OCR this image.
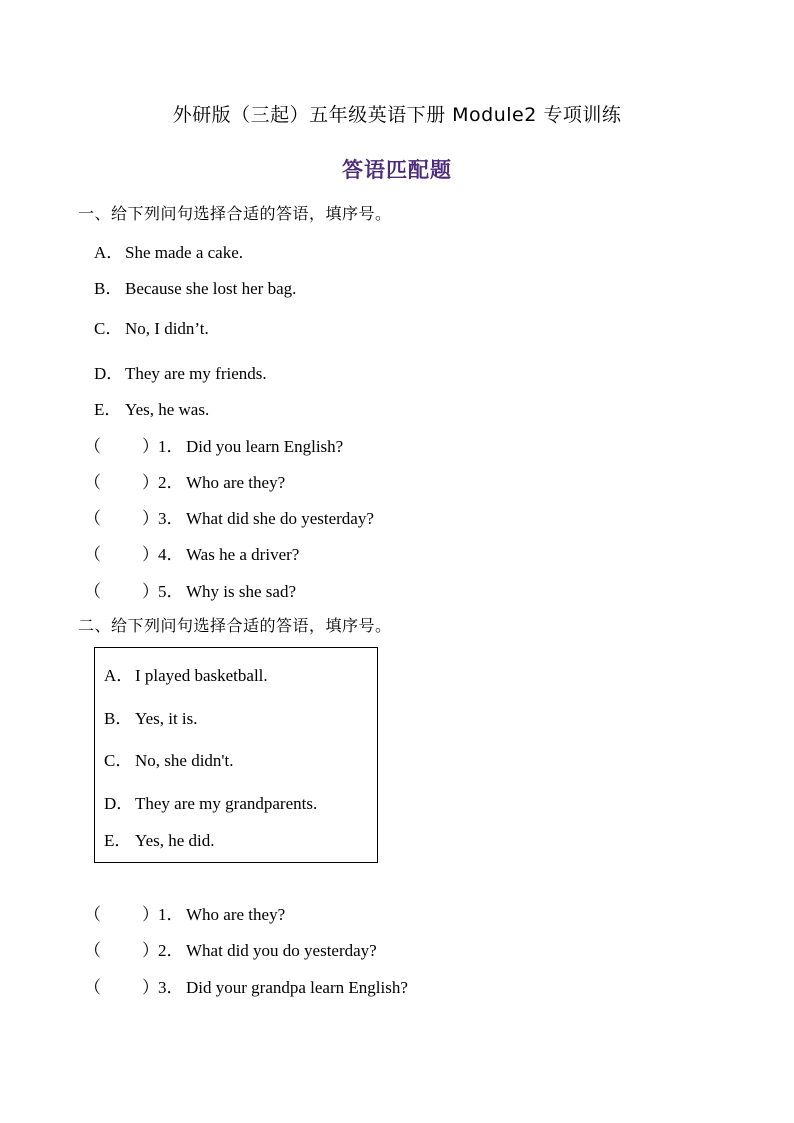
外研版（三起）五年级英语下册 Module2 专项训练
答语匹配题
一、给下列问句选择合适的答语，填序号。
A． She made a cake.
B． Because she lost her bag.
C． No, I didn’t.
D． They are my friends.
E． Yes, he was.
（ ）1． Did you learn English?
（ ）2． Who are they?
（ ）3． What did she do yesterday?
（ ）4． Was he a driver?
（ ）5． Why is she sad?
二、给下列问句选择合适的答语，填序号。
A． I played basketball.
B． Yes, it is.
C． No, she didn't.
D． They are my grandparents.
E． Yes, he did.
（ ）1． Who are they?
（ ）2． What did you do yesterday?
（ ）3． Did your grandpa learn English?
